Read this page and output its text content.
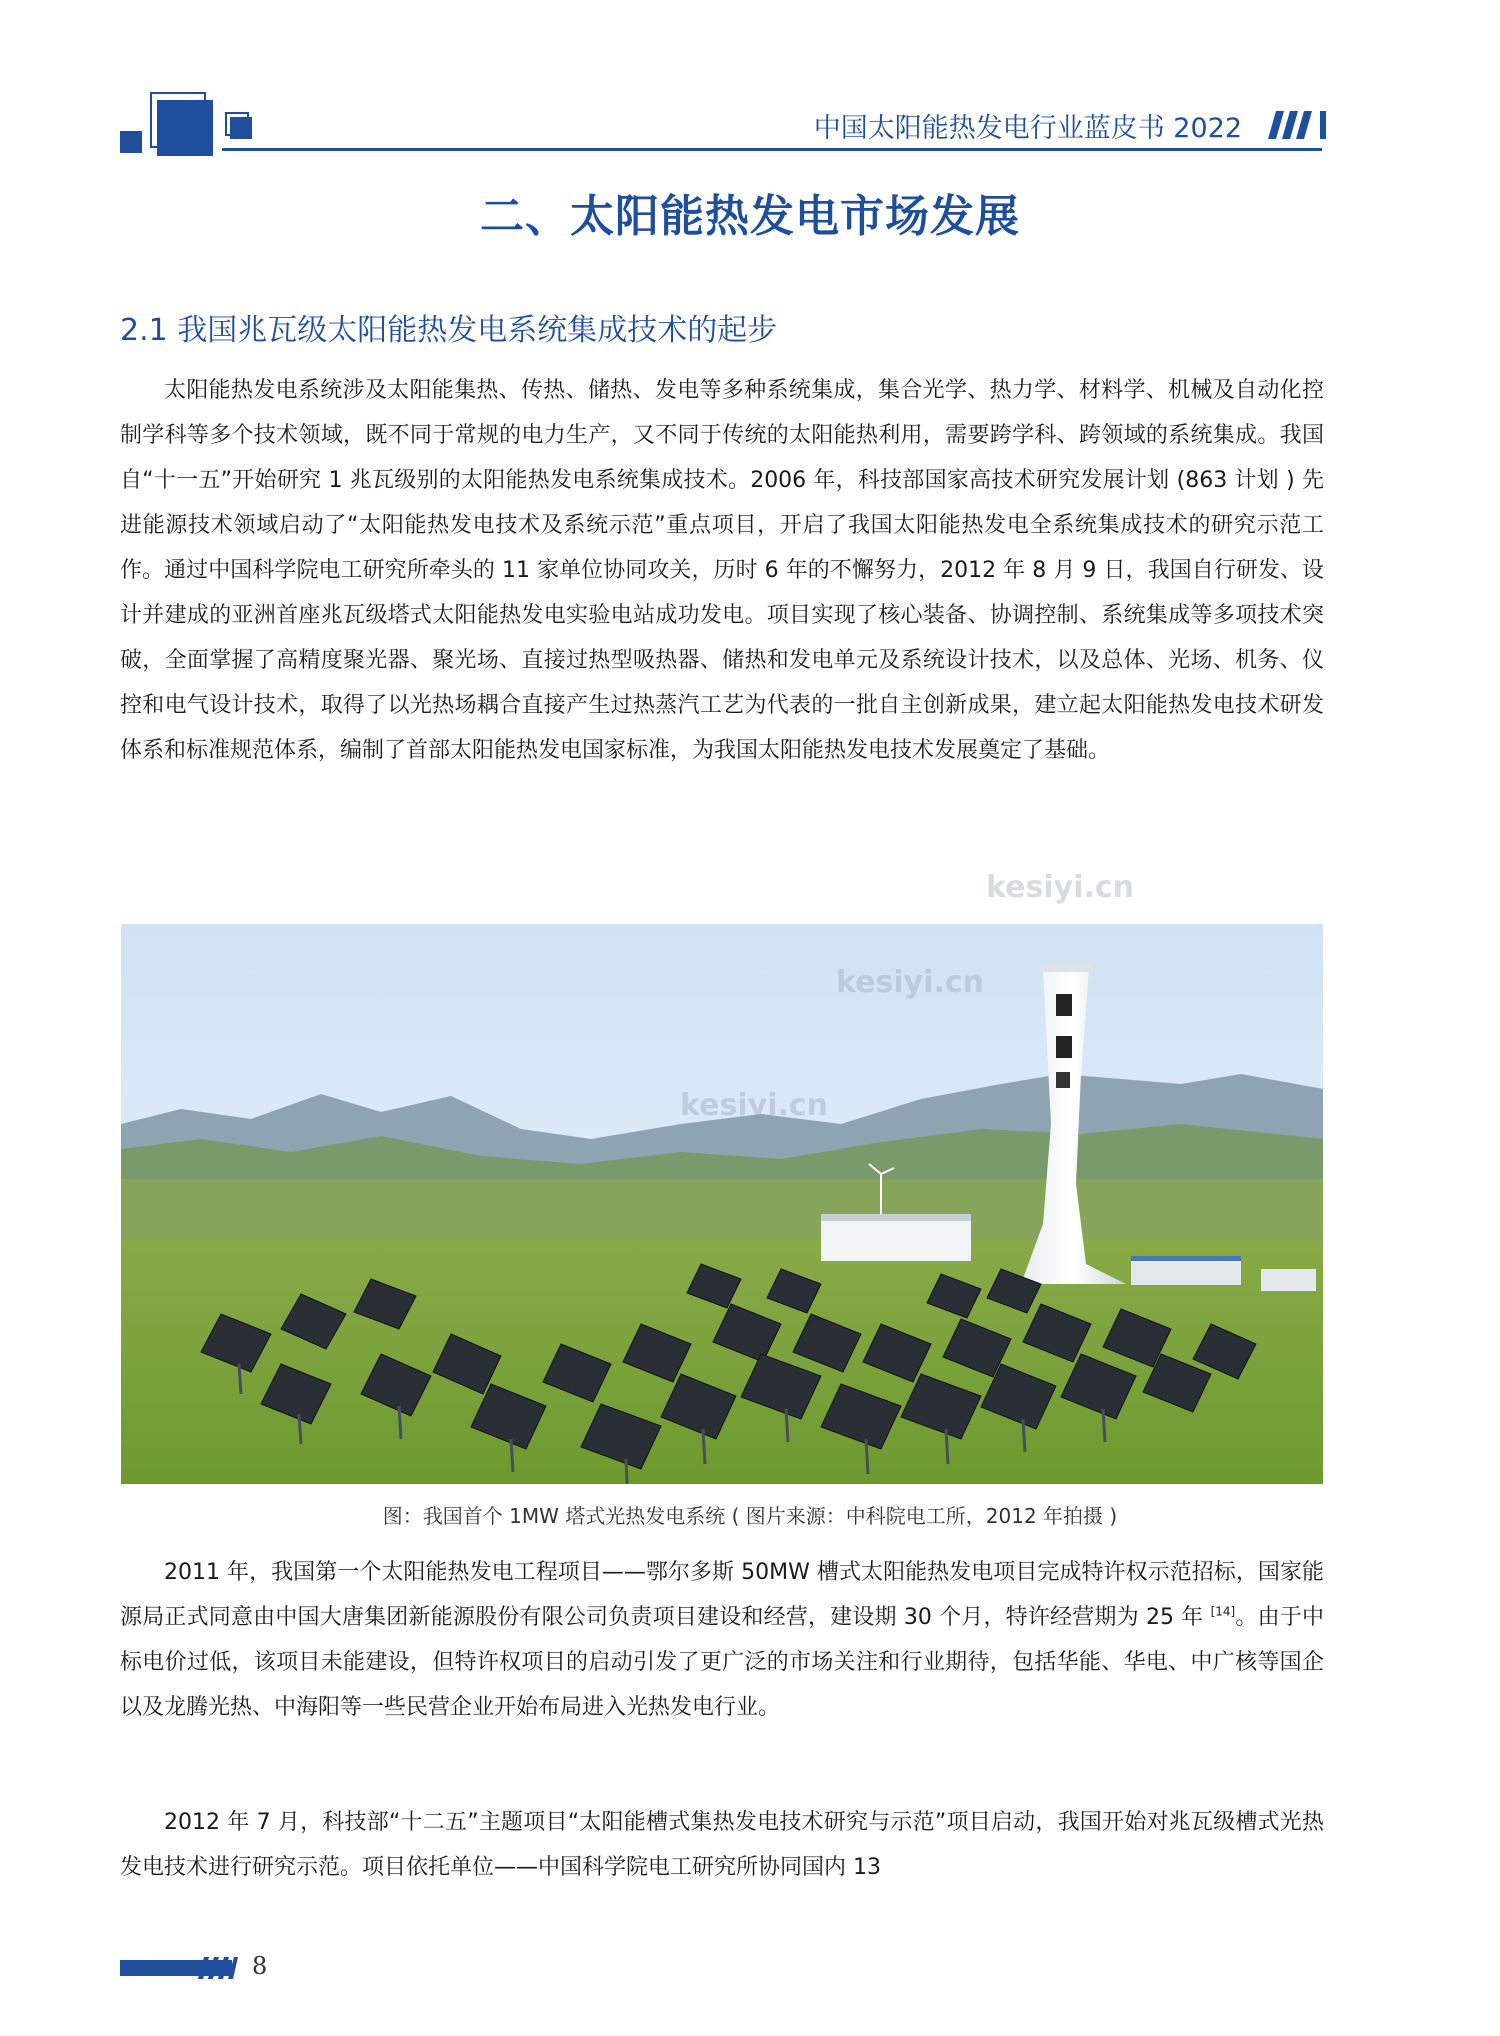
中国太阳能热发电行业蓝皮书 2022
二、太阳能热发电市场发展
2.1 我国兆瓦级太阳能热发电系统集成技术的起步

太阳能热发电系统涉及太阳能集热、传热、储热、发电等多种系统集成，集合光学、热力学、材料学、机械及自动化控制学科等多个技术领域，既不同于常规的电力生产，又不同于传统的太阳能热利用，需要跨学科、跨领域的系统集成。我国自“十一五”开始研究 1 兆瓦级别的太阳能热发电系统集成技术。2006 年，科技部国家高技术研究发展计划 (863 计划 ) 先进能源技术领域启动了“太阳能热发电技术及系统示范”重点项目，开启了我国太阳能热发电全系统集成技术的研究示范工作。通过中国科学院电工研究所牵头的 11 家单位协同攻关，历时 6 年的不懈努力，2012 年 8 月 9 日，我国自行研发、设计并建成的亚洲首座兆瓦级塔式太阳能热发电实验电站成功发电。项目实现了核心装备、协调控制、系统集成等多项技术突破，全面掌握了高精度聚光器、聚光场、直接过热型吸热器、储热和发电单元及系统设计技术，以及总体、光场、机务、仪控和电气设计技术，取得了以光热场耦合直接产生过热蒸汽工艺为代表的一批自主创新成果，建立起太阳能热发电技术研发体系和标准规范体系，编制了首部太阳能热发电国家标准，为我国太阳能热发电技术发展奠定了基础。

kesiyi.cn
kesiyi.cn
kesiyi.cn
图：我国首个 1MW 塔式光热发电系统 ( 图片来源：中科院电工所，2012 年拍摄 )

2011 年，我国第一个太阳能热发电工程项目——鄂尔多斯 50MW 槽式太阳能热发电项目完成特许权示范招标，国家能源局正式同意由中国大唐集团新能源股份有限公司负责项目建设和经营，建设期 30 个月，特许经营期为 25 年 [14]。由于中标电价过低，该项目未能建设，但特许权项目的启动引发了更广泛的市场关注和行业期待，包括华能、华电、中广核等国企以及龙腾光热、中海阳等一些民营企业开始布局进入光热发电行业。

2012 年 7 月，科技部“十二五”主题项目“太阳能槽式集热发电技术研究与示范”项目启动，我国开始对兆瓦级槽式光热发电技术进行研究示范。项目依托单位——中国科学院电工研究所协同国内 13

8
